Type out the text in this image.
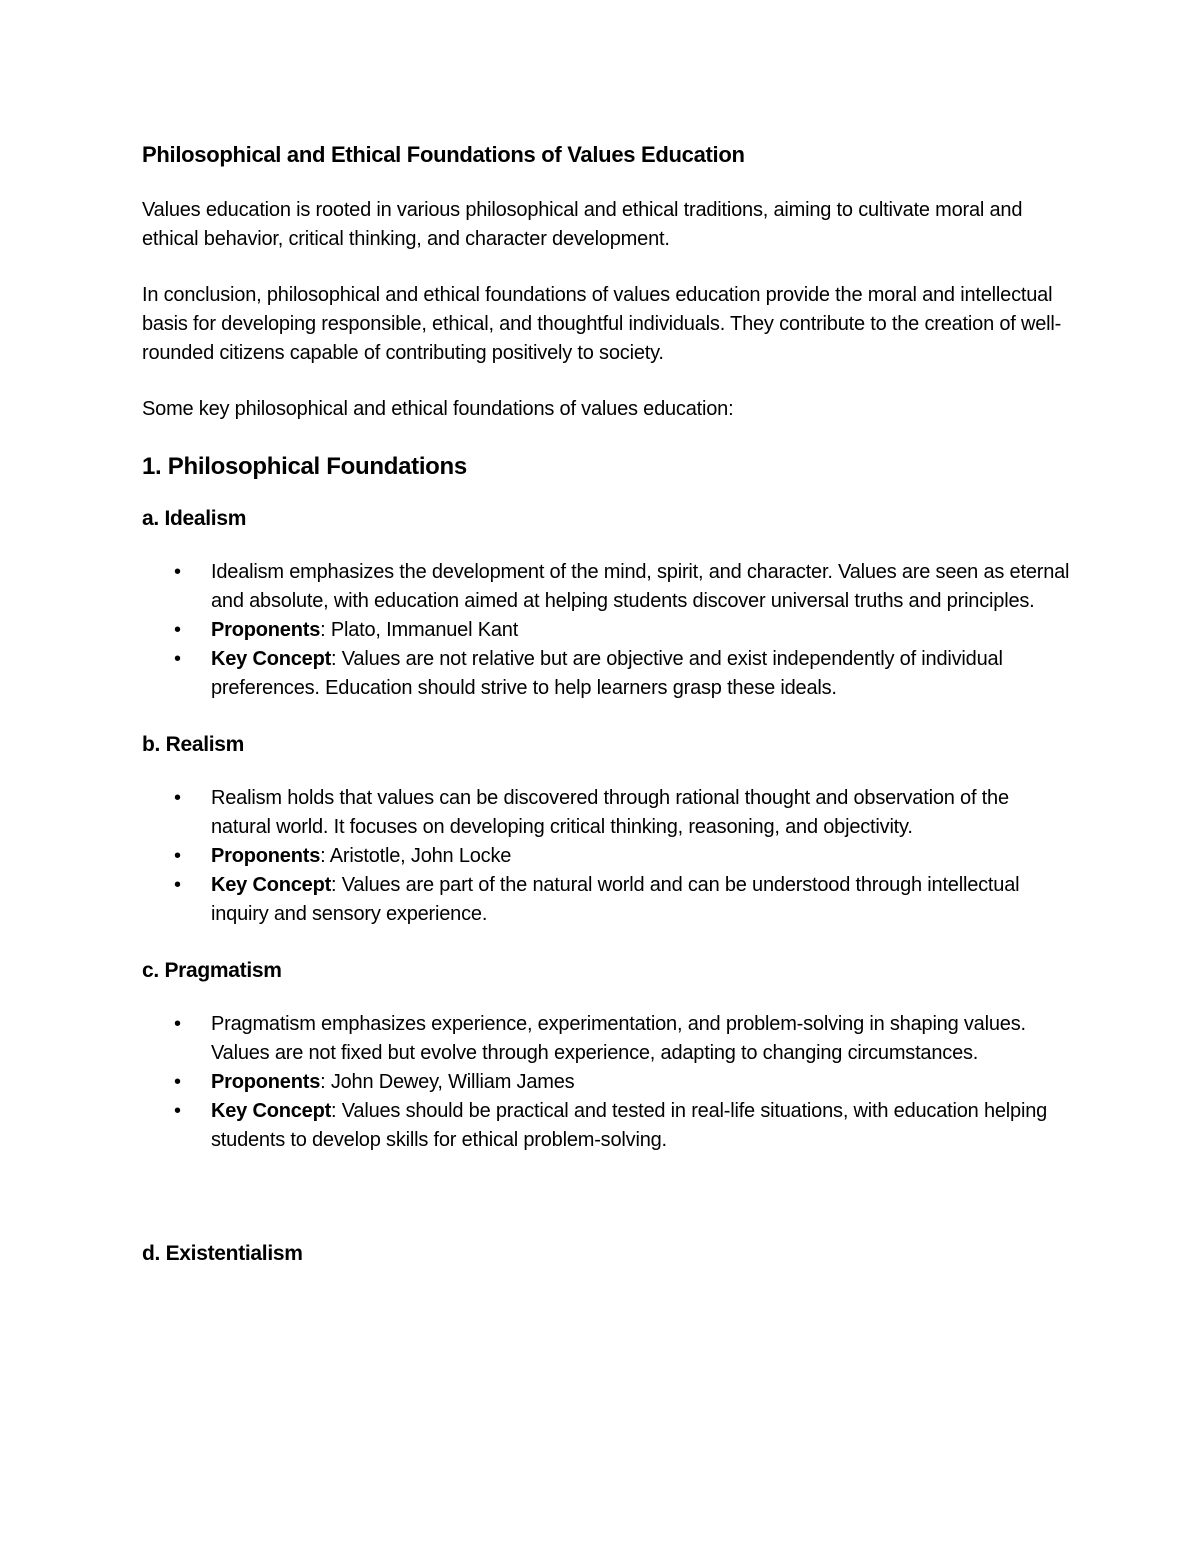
Philosophical and Ethical Foundations of Values Education

Values education is rooted in various philosophical and ethical traditions, aiming to cultivate moral and ethical behavior, critical thinking, and character development.

In conclusion, philosophical and ethical foundations of values education provide the moral and intellectual basis for developing responsible, ethical, and thoughtful individuals. They contribute to the creation of well-rounded citizens capable of contributing positively to society.

Some key philosophical and ethical foundations of values education:

1. Philosophical Foundations
a. Idealism
• Idealism emphasizes the development of the mind, spirit, and character. Values are seen as eternal and absolute, with education aimed at helping students discover universal truths and principles.
• Proponents: Plato, Immanuel Kant
• Key Concept: Values are not relative but are objective and exist independently of individual preferences. Education should strive to help learners grasp these ideals.
b. Realism
• Realism holds that values can be discovered through rational thought and observation of the natural world. It focuses on developing critical thinking, reasoning, and objectivity.
• Proponents: Aristotle, John Locke
• Key Concept: Values are part of the natural world and can be understood through intellectual inquiry and sensory experience.
c. Pragmatism
• Pragmatism emphasizes experience, experimentation, and problem-solving in shaping values. Values are not fixed but evolve through experience, adapting to changing circumstances.
• Proponents: John Dewey, William James
• Key Concept: Values should be practical and tested in real-life situations, with education helping students to develop skills for ethical problem-solving.
d. Existentialism
